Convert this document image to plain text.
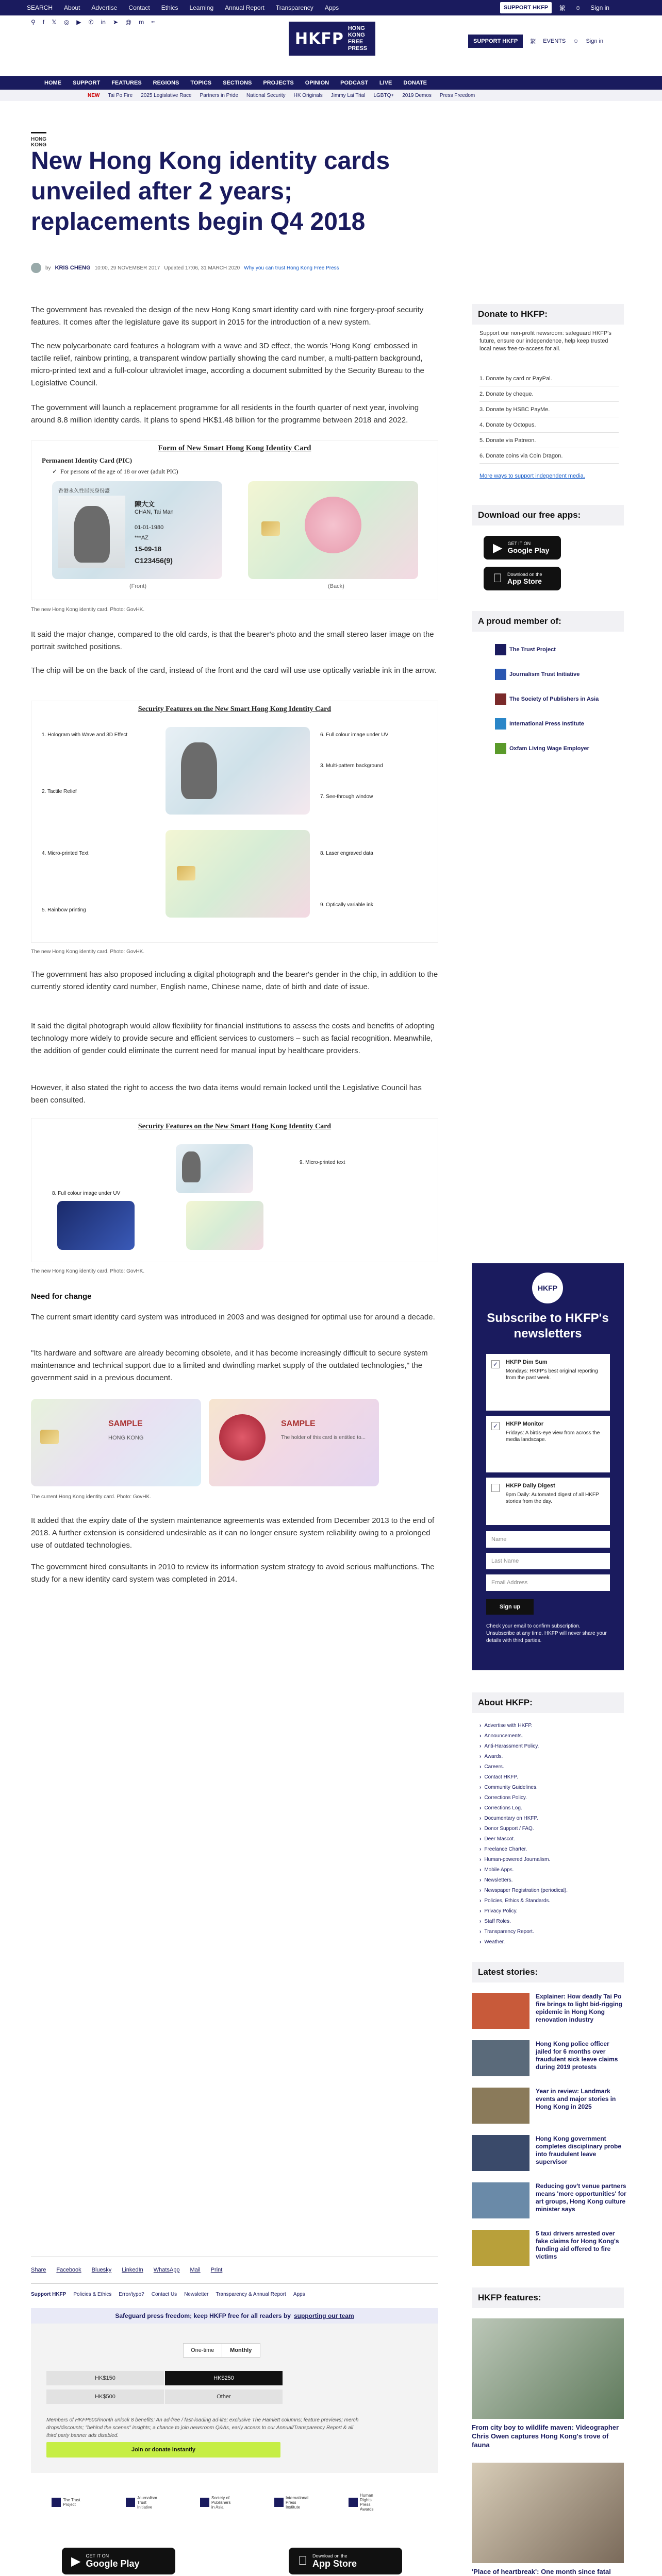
SEARCH About Advertise Contact Ethics Learning Annual Report Transparency Apps	SUPPORT HKFP	繁 ☺ Sign in
⚲ f 𝕏 ◎ ▶ ✆ in ➤ @ m ≈
HKFP
HONG KONG
FREE PRESS
SUPPORT HKFP	繁 EVENTS ☺ Sign in
HOME SUPPORT FEATURES REGIONS TOPICS SECTIONS PROJECTS OPINION PODCAST LIVE DONATE
NEW Tai Po Fire 2025 Legislative Race Partners in Pride National Security HK Originals Jimmy Lai Trial LGBTQ+ 2019 Demos Press Freedom
HONG KONG
New Hong Kong identity cards unveiled after 2 years; replacements begin Q4 2018
by KRIS CHENG 10:00, 29 NOVEMBER 2017 Updated 17:06, 31 MARCH 2020 Why you can trust Hong Kong Free Press

The government has revealed the design of the new Hong Kong smart identity card with nine forgery-proof security features. It comes after the legislature gave its support in 2015 for the introduction of a new system.

The new polycarbonate card features a hologram with a wave and 3D effect, the words 'Hong Kong' embossed in tactile relief, rainbow printing, a transparent window partially showing the card number, a multi-pattern background, micro-printed text and a full-colour ultraviolet image, according a document submitted by the Security Bureau to the Legislative Council.

The government will launch a replacement programme for all residents in the fourth quarter of next year, involving around 8.8 million identity cards. It plans to spend HK$1.48 billion for the programme between 2018 and 2022.

Form of New Smart Hong Kong Identity Card
Permanent Identity Card (PIC)
✓ For persons of the age of 18 or over (adult PIC)
香港永久性居民身份證
陳大文
CHAN, Tai Man
01-01-1980
***AZ
15-09-18
C123456(9)
(Front)	(Back)
The new Hong Kong identity card. Photo: GovHK.

It said the major change, compared to the old cards, is that the bearer's photo and the small stereo laser image on the portrait switched positions.

The chip will be on the back of the card, instead of the front and the card will use use optically variable ink in the arrow.

Security Features on the New Smart Hong Kong Identity Card
1. Hologram with Wave and 3D Effect
2. Tactile Relief
3. Multi-pattern background
4. Micro-printed Text
5. Rainbow printing
6. Full colour image under UV
7. See-through window
8. Laser engraved data
9. Optically variable ink
The new Hong Kong identity card. Photo: GovHK.

The government has also proposed including a digital photograph and the bearer's gender in the chip, in addition to the currently stored identity card number, English name, Chinese name, date of birth and date of issue.

It said the digital photograph would allow flexibility for financial institutions to assess the costs and benefits of adopting technology more widely to provide secure and efficient services to customers – such as facial recognition. Meanwhile, the addition of gender could eliminate the current need for manual input by healthcare providers.

However, it also stated the right to access the two data items would remain locked until the Legislative Council has been consulted.

Security Features on the New Smart Hong Kong Identity Card
8. Full colour image under UV
9. Micro-printed text
The new Hong Kong identity card. Photo: GovHK.
Need for change

The current smart identity card system was introduced in 2003 and was designed for optimal use for around a decade.

"Its hardware and software are already becoming obsolete, and it has become increasingly difficult to secure system maintenance and technical support due to a limited and dwindling market supply of the outdated technologies," the government said in a previous document.

SAMPLE
HONG KONG
SAMPLE
The holder of this card is entitled to...
The current Hong Kong identity card. Photo: GovHK.

It added that the expiry date of the system maintenance agreements was extended from December 2013 to the end of 2018. A further extension is considered undesirable as it can no longer ensure system reliability owing to a prolonged use of outdated technologies.

The government hired consultants in 2010 to review its information system strategy to avoid serious malfunctions. The study for a new identity card system was completed in 2014.

Share Facebook Bluesky LinkedIn WhatsApp Mail Print
Support HKFP Policies & Ethics Error/typo? Contact Us Newsletter Transparency & Annual Report Apps
Safeguard press freedom; keep HKFP free for all readers by supporting our team
One-time	Monthly
HK$150	HK$250
HK$500	Other
Members of HKFP500/month unlock 8 benefits: An ad-free / fast-loading ad-lite; exclusive The Hamlett columns; feature previews; merch drops/discounts; "behind the scenes" insights; a chance to join newsroom Q&As, early access to our Annual/Transparency Report & all third party banner ads disabled.
Join or donate instantly
The Trust Project
Journalism Trust Initiative
Society of Publishers in Asia
International Press Institute
Human Rights Press Awards
▶ GET IT ON
Google Play
Download on the
App Store
Donate to HKFP:
Support our non-profit newsroom: safeguard HKFP's future, ensure our independence, help keep trusted local news free-to-access for all.
1. Donate by card or PayPal.
2. Donate by cheque.
3. Donate by HSBC PayMe.
4. Donate by Octopus.
5. Donate via Patreon.
6. Donate coins via Coin Dragon.
More ways to support independent media.
Download our free apps:
▶ GET IT ON
Google Play
Download on the
App Store
A proud member of:
The Trust Project
Journalism Trust Initiative
The Society of Publishers in Asia
International Press Institute
Oxfam Living Wage Employer
HKFP
Subscribe to HKFP's newsletters
✓ HKFP Dim Sum
Mondays: HKFP's best original reporting from the past week.
✓ HKFP Monitor
Fridays: A birds-eye view from across the media landscape.
HKFP Daily Digest
9pm Daily: Automated digest of all HKFP stories from the day.
Name
Last Name
Email Address
Sign up
Check your email to confirm subscription. Unsubscribe at any time. HKFP will never share your details with third parties.
About HKFP:
› Advertise with HKFP.
› Announcements.
› Anti-Harassment Policy.
› Awards.
› Careers.
› Contact HKFP.
› Community Guidelines.
› Corrections Policy.
› Corrections Log.
› Documentary on HKFP.
› Donor Support / FAQ.
› Deer Mascot.
› Freelance Charter.
› Human-powered Journalism.
› Mobile Apps.
› Newsletters.
› Newspaper Registration (periodical).
› Policies, Ethics & Standards.
› Privacy Policy.
› Staff Roles.
› Transparency Report.
› Weather.
Latest stories:
Explainer: How deadly Tai Po fire brings to light bid-rigging epidemic in Hong Kong renovation industry
Hong Kong police officer jailed for 6 months over fraudulent sick leave claims during 2019 protests
Year in review: Landmark events and major stories in Hong Kong in 2025
Hong Kong government completes disciplinary probe into fraudulent leave supervisor
Reducing gov't venue partners means 'more opportunities' for art groups, Hong Kong culture minister says
5 taxi drivers arrested over fake claims for Hong Kong's funding aid offered to fire victims
HKFP features:
From city boy to wildlife maven: Videographer Chris Owen captures Hong Kong's trove of fauna
'Place of heartbreak': One month since fatal
